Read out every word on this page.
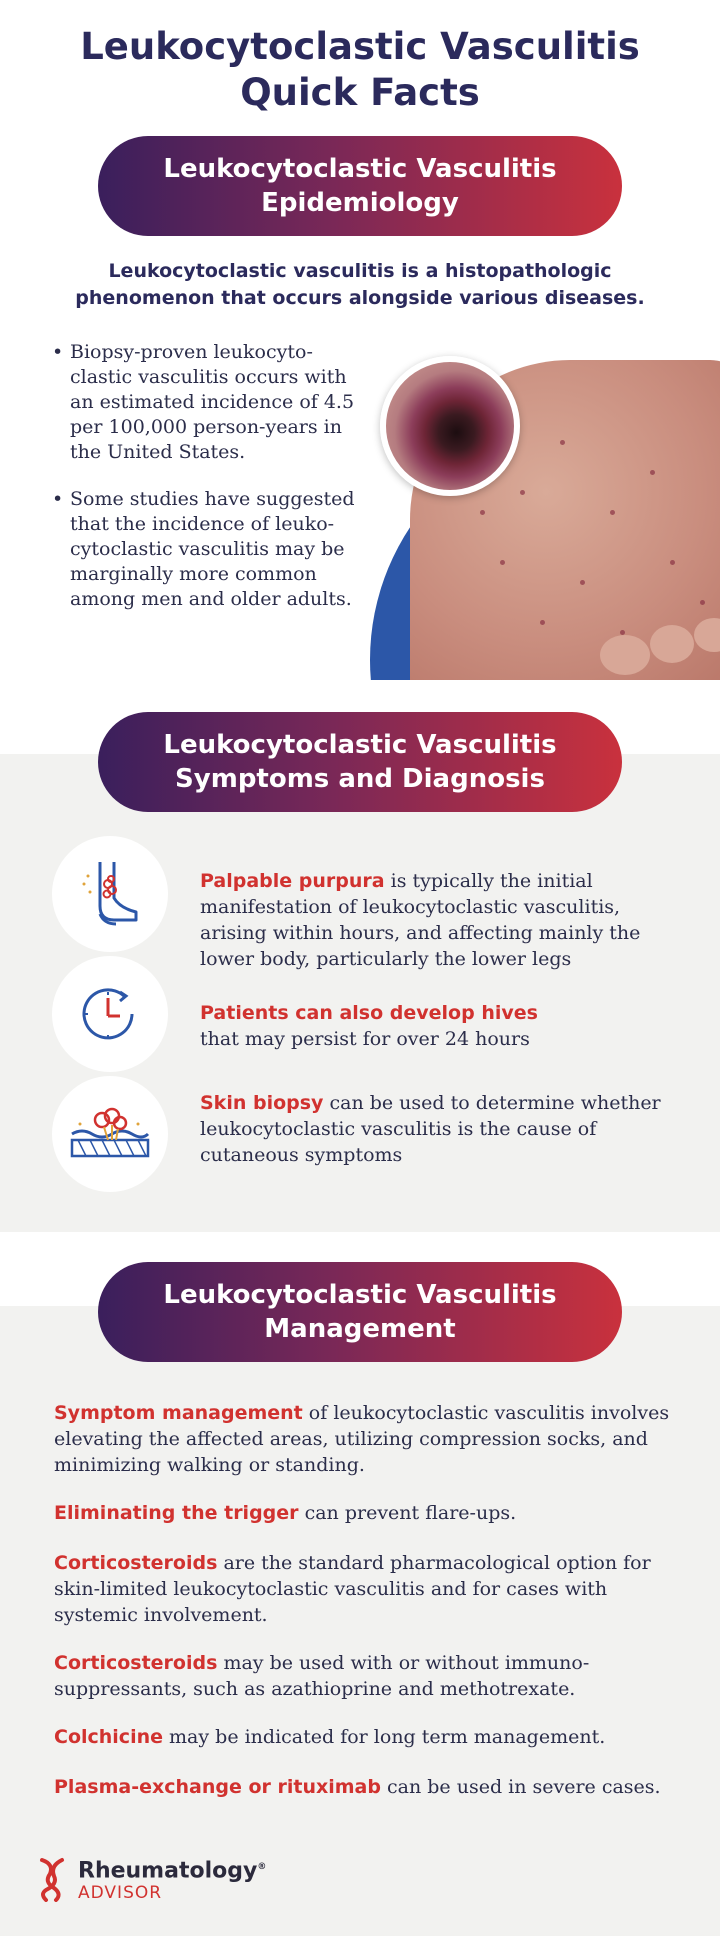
Leukocytoclastic Vasculitis
Quick Facts
Leukocytoclastic Vasculitis
Epidemiology
Leukocytoclastic vasculitis is a histopathologic
phenomenon that occurs alongside various diseases.
• Biopsy-proven leukocyto- clastic vasculitis occurs with an estimated incidence of 4.5 per 100,000 person-years in the United States.
• Some studies have suggested that the incidence of leuko- cytoclastic vasculitis may be marginally more common among men and older adults.
Leukocytoclastic Vasculitis
Symptoms and Diagnosis
Palpable purpura is typically the initial manifestation of leukocytoclastic vasculitis, arising within hours, and affecting mainly the lower body, particularly the lower legs
Patients can also develop hives
that may persist for over 24 hours
Skin biopsy can be used to determine whether leukocytoclastic vasculitis is the cause of cutaneous symptoms
Leukocytoclastic Vasculitis
Management
Symptom management of leukocytoclastic vasculitis involves elevating the affected areas, utilizing compression socks, and minimizing walking or standing.
Eliminating the trigger can prevent flare-ups.
Corticosteroids are the standard pharmacological option for skin-limited leukocytoclastic vasculitis and for cases with systemic involvement.
Corticosteroids may be used with or without immuno- suppressants, such as azathioprine and methotrexate.
Colchicine may be indicated for long term management.
Plasma-exchange or rituximab can be used in severe cases.
Rheumatology®
ADVISOR
